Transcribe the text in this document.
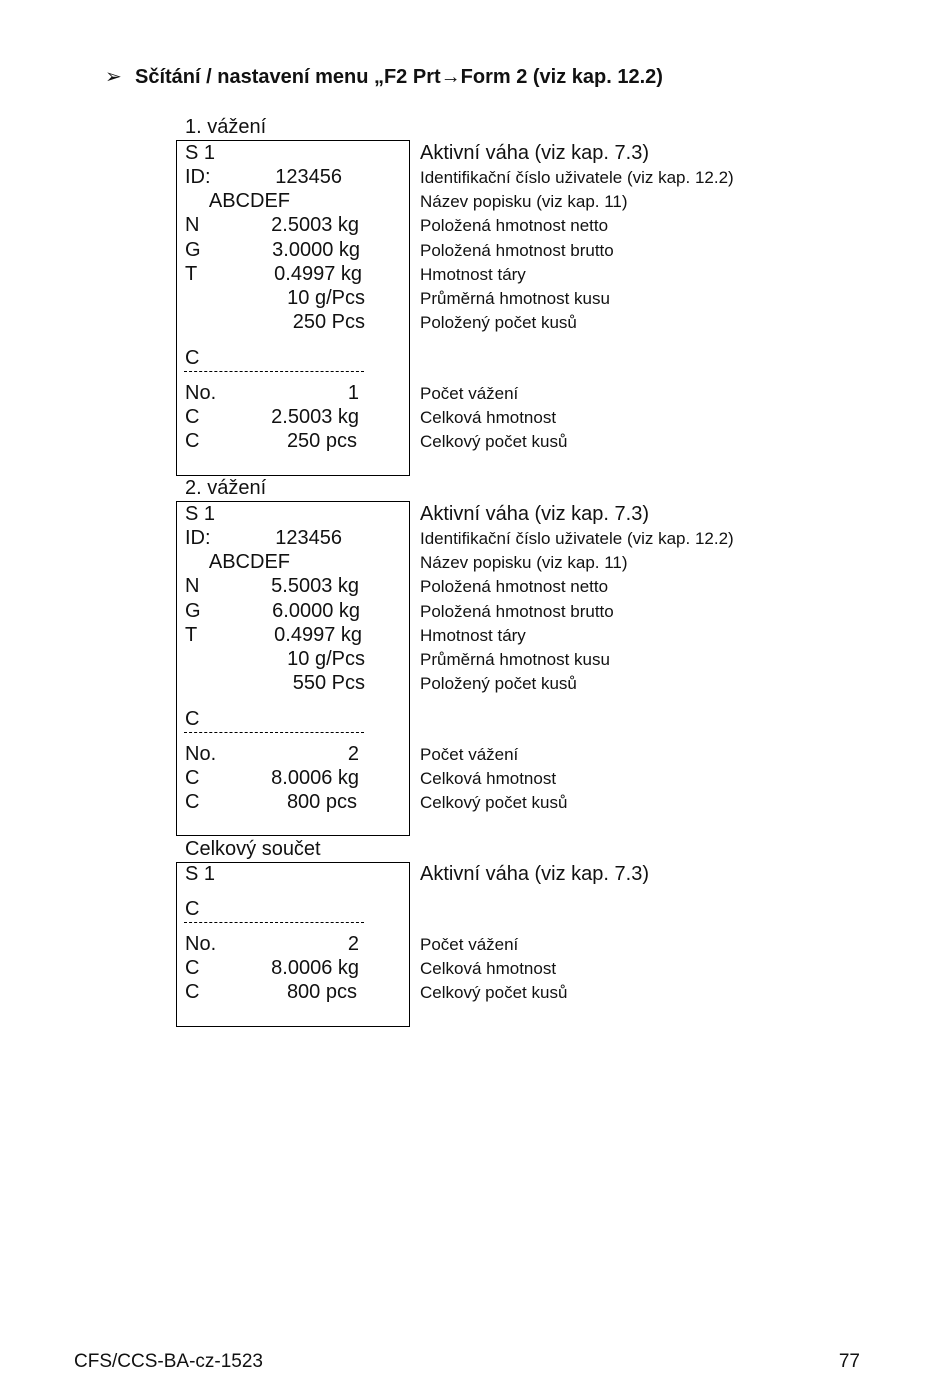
➢ Sčítání / nastavení menu „F2 Prt→Form 2 (viz kap. 12.2)
1. vážení
S 1	Aktivní váha (viz kap. 7.3)
ID:	123456	Identifikační číslo uživatele (viz kap. 12.2)
ABCDEF	Název popisku (viz kap. 11)
N	2.5003 kg	Položená hmotnost netto
G	3.0000 kg	Položená hmotnost brutto
T	0.4997 kg	Hmotnost táry
10 g/Pcs	Průměrná hmotnost kusu
250 Pcs	Položený počet kusů
C
No.	1	Počet vážení
C	2.5003 kg	Celková hmotnost
C	250 pcs	Celkový počet kusů
2. vážení
S 1	Aktivní váha (viz kap. 7.3)
ID:	123456	Identifikační číslo uživatele (viz kap. 12.2)
ABCDEF	Název popisku (viz kap. 11)
N	5.5003 kg	Položená hmotnost netto
G	6.0000 kg	Položená hmotnost brutto
T	0.4997 kg	Hmotnost táry
10 g/Pcs	Průměrná hmotnost kusu
550 Pcs	Položený počet kusů
C
No.	2	Počet vážení
C	8.0006 kg	Celková hmotnost
C	800 pcs	Celkový počet kusů
Celkový součet
S 1	Aktivní váha (viz kap. 7.3)
C
No.	2	Počet vážení
C	8.0006 kg	Celková hmotnost
C	800 pcs	Celkový počet kusů
CFS/CCS-BA-cz-1523	77
